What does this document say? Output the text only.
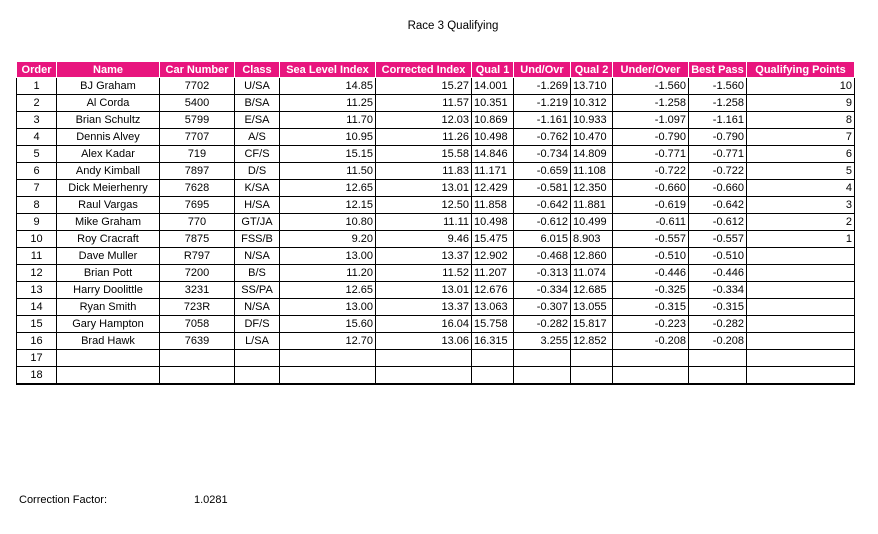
Race 3 Qualifying
Order	Name	Car Number	Class	Sea Level Index	Corrected Index	Qual 1	Und/Ovr	Qual 2	Under/Over	Best Pass	Qualifying Points
1	BJ Graham	7702	U/SA	14.85	15.27	14.001	-1.269	13.710	-1.560	-1.560	10
2	Al Corda	5400	B/SA	11.25	11.57	10.351	-1.219	10.312	-1.258	-1.258	9
3	Brian Schultz	5799	E/SA	11.70	12.03	10.869	-1.161	10.933	-1.097	-1.161	8
4	Dennis Alvey	7707	A/S	10.95	11.26	10.498	-0.762	10.470	-0.790	-0.790	7
5	Alex Kadar	719	CF/S	15.15	15.58	14.846	-0.734	14.809	-0.771	-0.771	6
6	Andy Kimball	7897	D/S	11.50	11.83	11.171	-0.659	11.108	-0.722	-0.722	5
7	Dick Meierhenry	7628	K/SA	12.65	13.01	12.429	-0.581	12.350	-0.660	-0.660	4
8	Raul Vargas	7695	H/SA	12.15	12.50	11.858	-0.642	11.881	-0.619	-0.642	3
9	Mike Graham	770	GT/JA	10.80	11.11	10.498	-0.612	10.499	-0.611	-0.612	2
10	Roy Cracraft	7875	FSS/B	9.20	9.46	15.475	6.015	8.903	-0.557	-0.557	1
11	Dave Muller	R797	N/SA	13.00	13.37	12.902	-0.468	12.860	-0.510	-0.510	
12	Brian Pott	7200	B/S	11.20	11.52	11.207	-0.313	11.074	-0.446	-0.446	
13	Harry Doolittle	3231	SS/PA	12.65	13.01	12.676	-0.334	12.685	-0.325	-0.334	
14	Ryan Smith	723R	N/SA	13.00	13.37	13.063	-0.307	13.055	-0.315	-0.315	
15	Gary Hampton	7058	DF/S	15.60	16.04	15.758	-0.282	15.817	-0.223	-0.282	
16	Brad Hawk	7639	L/SA	12.70	13.06	16.315	3.255	12.852	-0.208	-0.208	
17											
18											
Correction Factor:	1.0281
